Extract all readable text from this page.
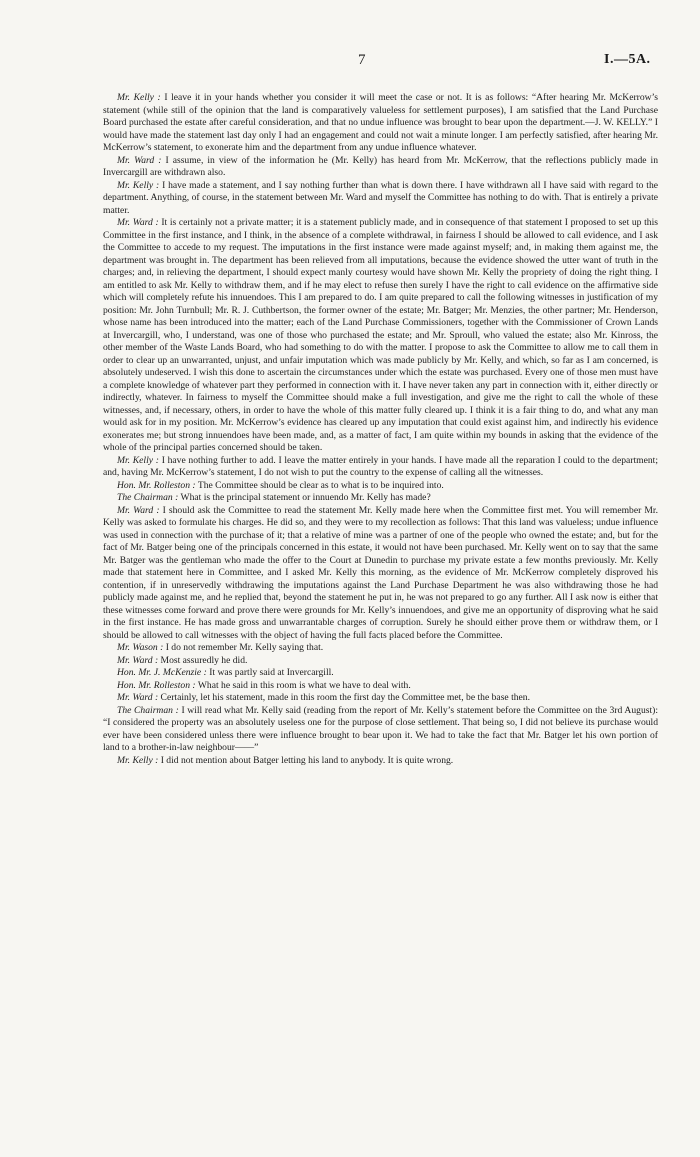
7	I.—5A.

Mr. Kelly : I leave it in your hands whether you consider it will meet the case or not. It is as follows: “After hearing Mr. McKerrow’s statement (while still of the opinion that the land is comparatively valueless for settlement purposes), I am satisfied that the Land Purchase Board purchased the estate after careful consideration, and that no undue influence was brought to bear upon the department.—J. W. KELLY.” I would have made the statement last day only I had an engagement and could not wait a minute longer. I am perfectly satisfied, after hearing Mr. McKerrow’s statement, to exonerate him and the department from any undue influence whatever.

Mr. Ward : I assume, in view of the information he (Mr. Kelly) has heard from Mr. McKerrow, that the reflections publicly made in Invercargill are withdrawn also.

Mr. Kelly : I have made a statement, and I say nothing further than what is down there. I have withdrawn all I have said with regard to the department. Anything, of course, in the statement between Mr. Ward and myself the Committee has nothing to do with. That is entirely a private matter.

Mr. Ward : It is certainly not a private matter; it is a statement publicly made, and in consequence of that statement I proposed to set up this Committee in the first instance, and I think, in the absence of a complete withdrawal, in fairness I should be allowed to call evidence, and I ask the Committee to accede to my request. The imputations in the first instance were made against myself; and, in making them against me, the department was brought in. The department has been relieved from all imputations, because the evidence showed the utter want of truth in the charges; and, in relieving the department, I should expect manly courtesy would have shown Mr. Kelly the propriety of doing the right thing. I am entitled to ask Mr. Kelly to withdraw them, and if he may elect to refuse then surely I have the right to call evidence on the affirmative side which will completely refute his innuendoes. This I am prepared to do. I am quite prepared to call the following witnesses in justification of my position: Mr. John Turnbull; Mr. R. J. Cuthbertson, the former owner of the estate; Mr. Batger; Mr. Menzies, the other partner; Mr. Henderson, whose name has been introduced into the matter; each of the Land Purchase Commissioners, together with the Commissioner of Crown Lands at Invercargill, who, I understand, was one of those who purchased the estate; and Mr. Sproull, who valued the estate; also Mr. Kinross, the other member of the Waste Lands Board, who had something to do with the matter. I propose to ask the Committee to allow me to call them in order to clear up an unwarranted, unjust, and unfair imputation which was made publicly by Mr. Kelly, and which, so far as I am concerned, is absolutely undeserved. I wish this done to ascertain the circumstances under which the estate was purchased. Every one of those men must have a complete knowledge of whatever part they performed in connection with it. I have never taken any part in connection with it, either directly or indirectly, whatever. In fairness to myself the Committee should make a full investigation, and give me the right to call the whole of these witnesses, and, if necessary, others, in order to have the whole of this matter fully cleared up. I think it is a fair thing to do, and what any man would ask for in my position. Mr. McKerrow’s evidence has cleared up any imputation that could exist against him, and indirectly his evidence exonerates me; but strong innuendoes have been made, and, as a matter of fact, I am quite within my bounds in asking that the evidence of the whole of the principal parties concerned should be taken.

Mr. Kelly : I have nothing further to add. I leave the matter entirely in your hands. I have made all the reparation I could to the department; and, having Mr. McKerrow’s statement, I do not wish to put the country to the expense of calling all the witnesses.

Hon. Mr. Rolleston : The Committee should be clear as to what is to be inquired into.

The Chairman : What is the principal statement or innuendo Mr. Kelly has made?

Mr. Ward : I should ask the Committee to read the statement Mr. Kelly made here when the Committee first met. You will remember Mr. Kelly was asked to formulate his charges. He did so, and they were to my recollection as follows: That this land was valueless; undue influence was used in connection with the purchase of it; that a relative of mine was a partner of one of the people who owned the estate; and, but for the fact of Mr. Batger being one of the principals concerned in this estate, it would not have been purchased. Mr. Kelly went on to say that the same Mr. Batger was the gentleman who made the offer to the Court at Dunedin to purchase my private estate a few months previously. Mr. Kelly made that statement here in Committee, and I asked Mr. Kelly this morning, as the evidence of Mr. McKerrow completely disproved his contention, if in unreservedly withdrawing the imputations against the Land Purchase Department he was also withdrawing those he had publicly made against me, and he replied that, beyond the statement he put in, he was not prepared to go any further. All I ask now is either that these witnesses come forward and prove there were grounds for Mr. Kelly’s innuendoes, and give me an opportunity of disproving what he said in the first instance. He has made gross and unwarrantable charges of corruption. Surely he should either prove them or withdraw them, or I should be allowed to call witnesses with the object of having the full facts placed before the Committee.

Mr. Wason : I do not remember Mr. Kelly saying that.

Mr. Ward : Most assuredly he did.

Hon. Mr. J. McKenzie : It was partly said at Invercargill.

Hon. Mr. Rolleston : What he said in this room is what we have to deal with.

Mr. Ward : Certainly, let his statement, made in this room the first day the Committee met, be the base then.

The Chairman : I will read what Mr. Kelly said (reading from the report of Mr. Kelly’s statement before the Committee on the 3rd August): “I considered the property was an absolutely useless one for the purpose of close settlement. That being so, I did not believe its purchase would ever have been considered unless there were influence brought to bear upon it. We had to take the fact that Mr. Batger let his own portion of land to a brother-in-law neighbour——”

Mr. Kelly : I did not mention about Batger letting his land to anybody. It is quite wrong.
